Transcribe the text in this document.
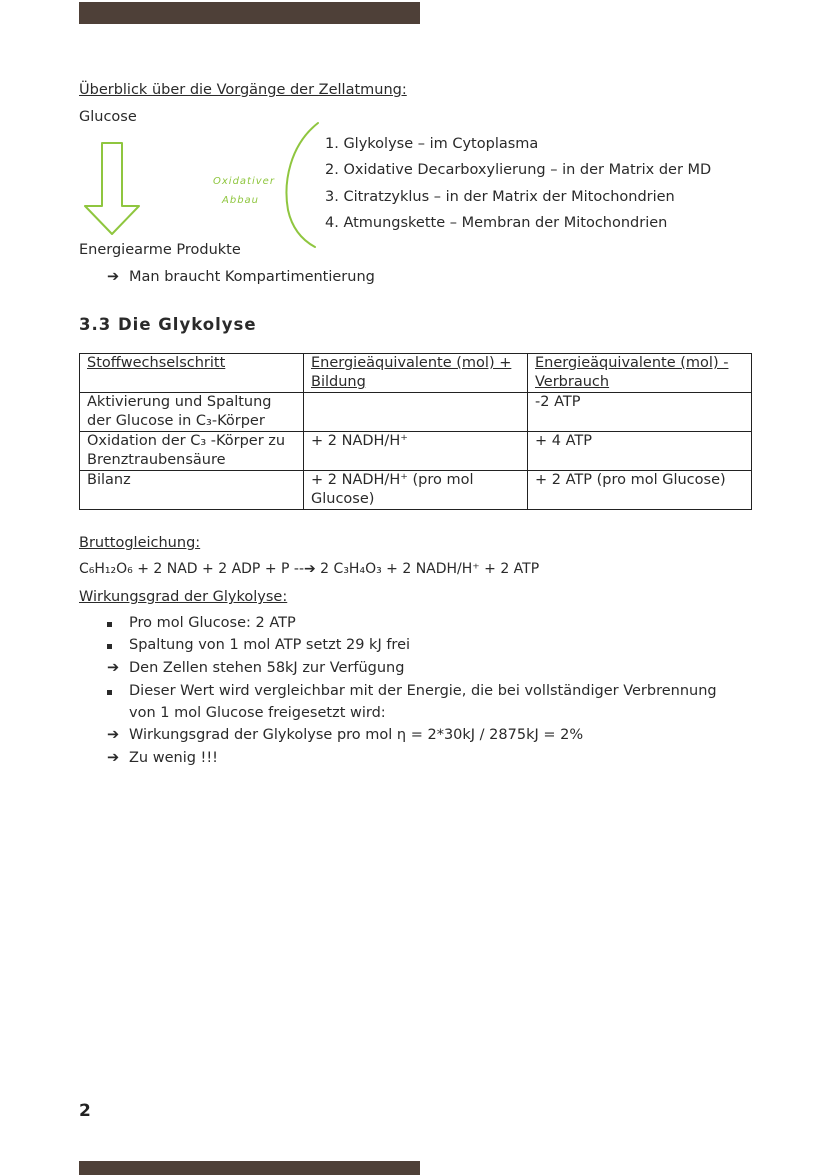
Überblick über die Vorgänge der Zellatmung:
Glucose
Oxidativer
Abbau
1. Glykolyse – im Cytoplasma
2. Oxidative Decarboxylierung – in der Matrix der MD
3. Citratzyklus – in der Matrix der Mitochondrien
4. Atmungskette – Membran der Mitochondrien
Energiearme Produkte
➔ Man braucht Kompartimentierung
3.3 Die Glykolyse
Stoffwechselschritt	Energieäquivalente (mol) + Bildung	Energieäquivalente (mol) - Verbrauch
Aktivierung und Spaltung der Glucose in C₃-Körper		-2 ATP
Oxidation der C₃ -Körper zu Brenztraubensäure	+ 2 NADH/H⁺	+ 4 ATP
Bilanz	+ 2 NADH/H⁺ (pro mol Glucose)	+ 2 ATP (pro mol Glucose)
Bruttogleichung:
C₆H₁₂O₆ + 2 NAD + 2 ADP + P --➔ 2 C₃H₄O₃ + 2 NADH/H⁺ + 2 ATP
Wirkungsgrad der Glykolyse:
Pro mol Glucose: 2 ATP
Spaltung von 1 mol ATP setzt 29 kJ frei
➔ Den Zellen stehen 58kJ zur Verfügung
Dieser Wert wird vergleichbar mit der Energie, die bei vollständiger Verbrennung
von 1 mol Glucose freigesetzt wird:
➔ Wirkungsgrad der Glykolyse pro mol η = 2*30kJ / 2875kJ = 2%
➔ Zu wenig !!!
2
